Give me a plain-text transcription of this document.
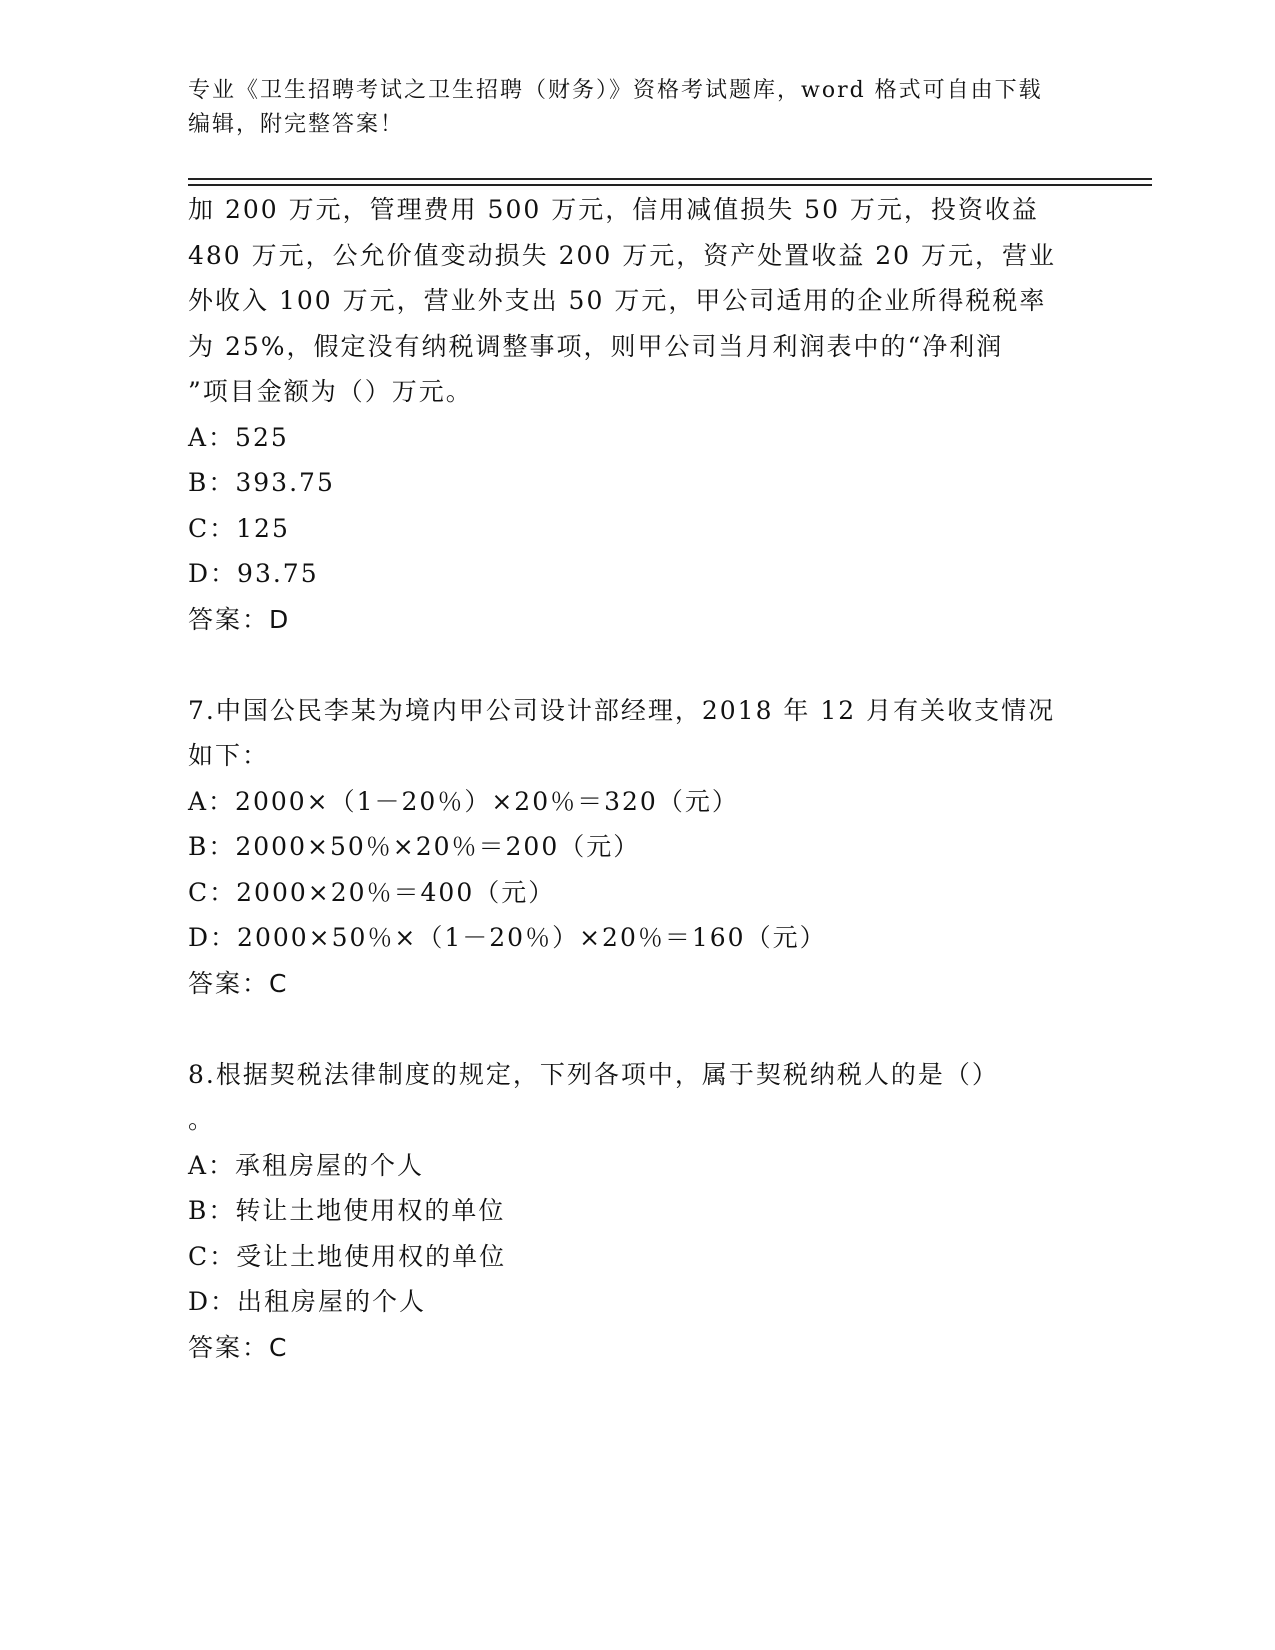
专业《卫生招聘考试之卫生招聘（财务）》资格考试题库，word 格式可自由下载
编辑，附完整答案！
加 200 万元，管理费用 500 万元，信用减值损失 50 万元，投资收益
480 万元，公允价值变动损失 200 万元，资产处置收益 20 万元，营业
外收入 100 万元，营业外支出 50 万元，甲公司适用的企业所得税税率
为 25%，假定没有纳税调整事项，则甲公司当月利润表中的“净利润
”项目金额为（）万元。
A：525
B：393.75
C：125
D：93.75
答案：D
7.中国公民李某为境内甲公司设计部经理，2018 年 12 月有关收支情况
如下：
A：2000×（1－20％）×20％＝320（元）
B：2000×50％×20％＝200（元）
C：2000×20％＝400（元）
D：2000×50％×（1－20％）×20％＝160（元）
答案：C
8.根据契税法律制度的规定，下列各项中，属于契税纳税人的是（）
。
A：承租房屋的个人
B：转让土地使用权的单位
C：受让土地使用权的单位
D：出租房屋的个人
答案：C
